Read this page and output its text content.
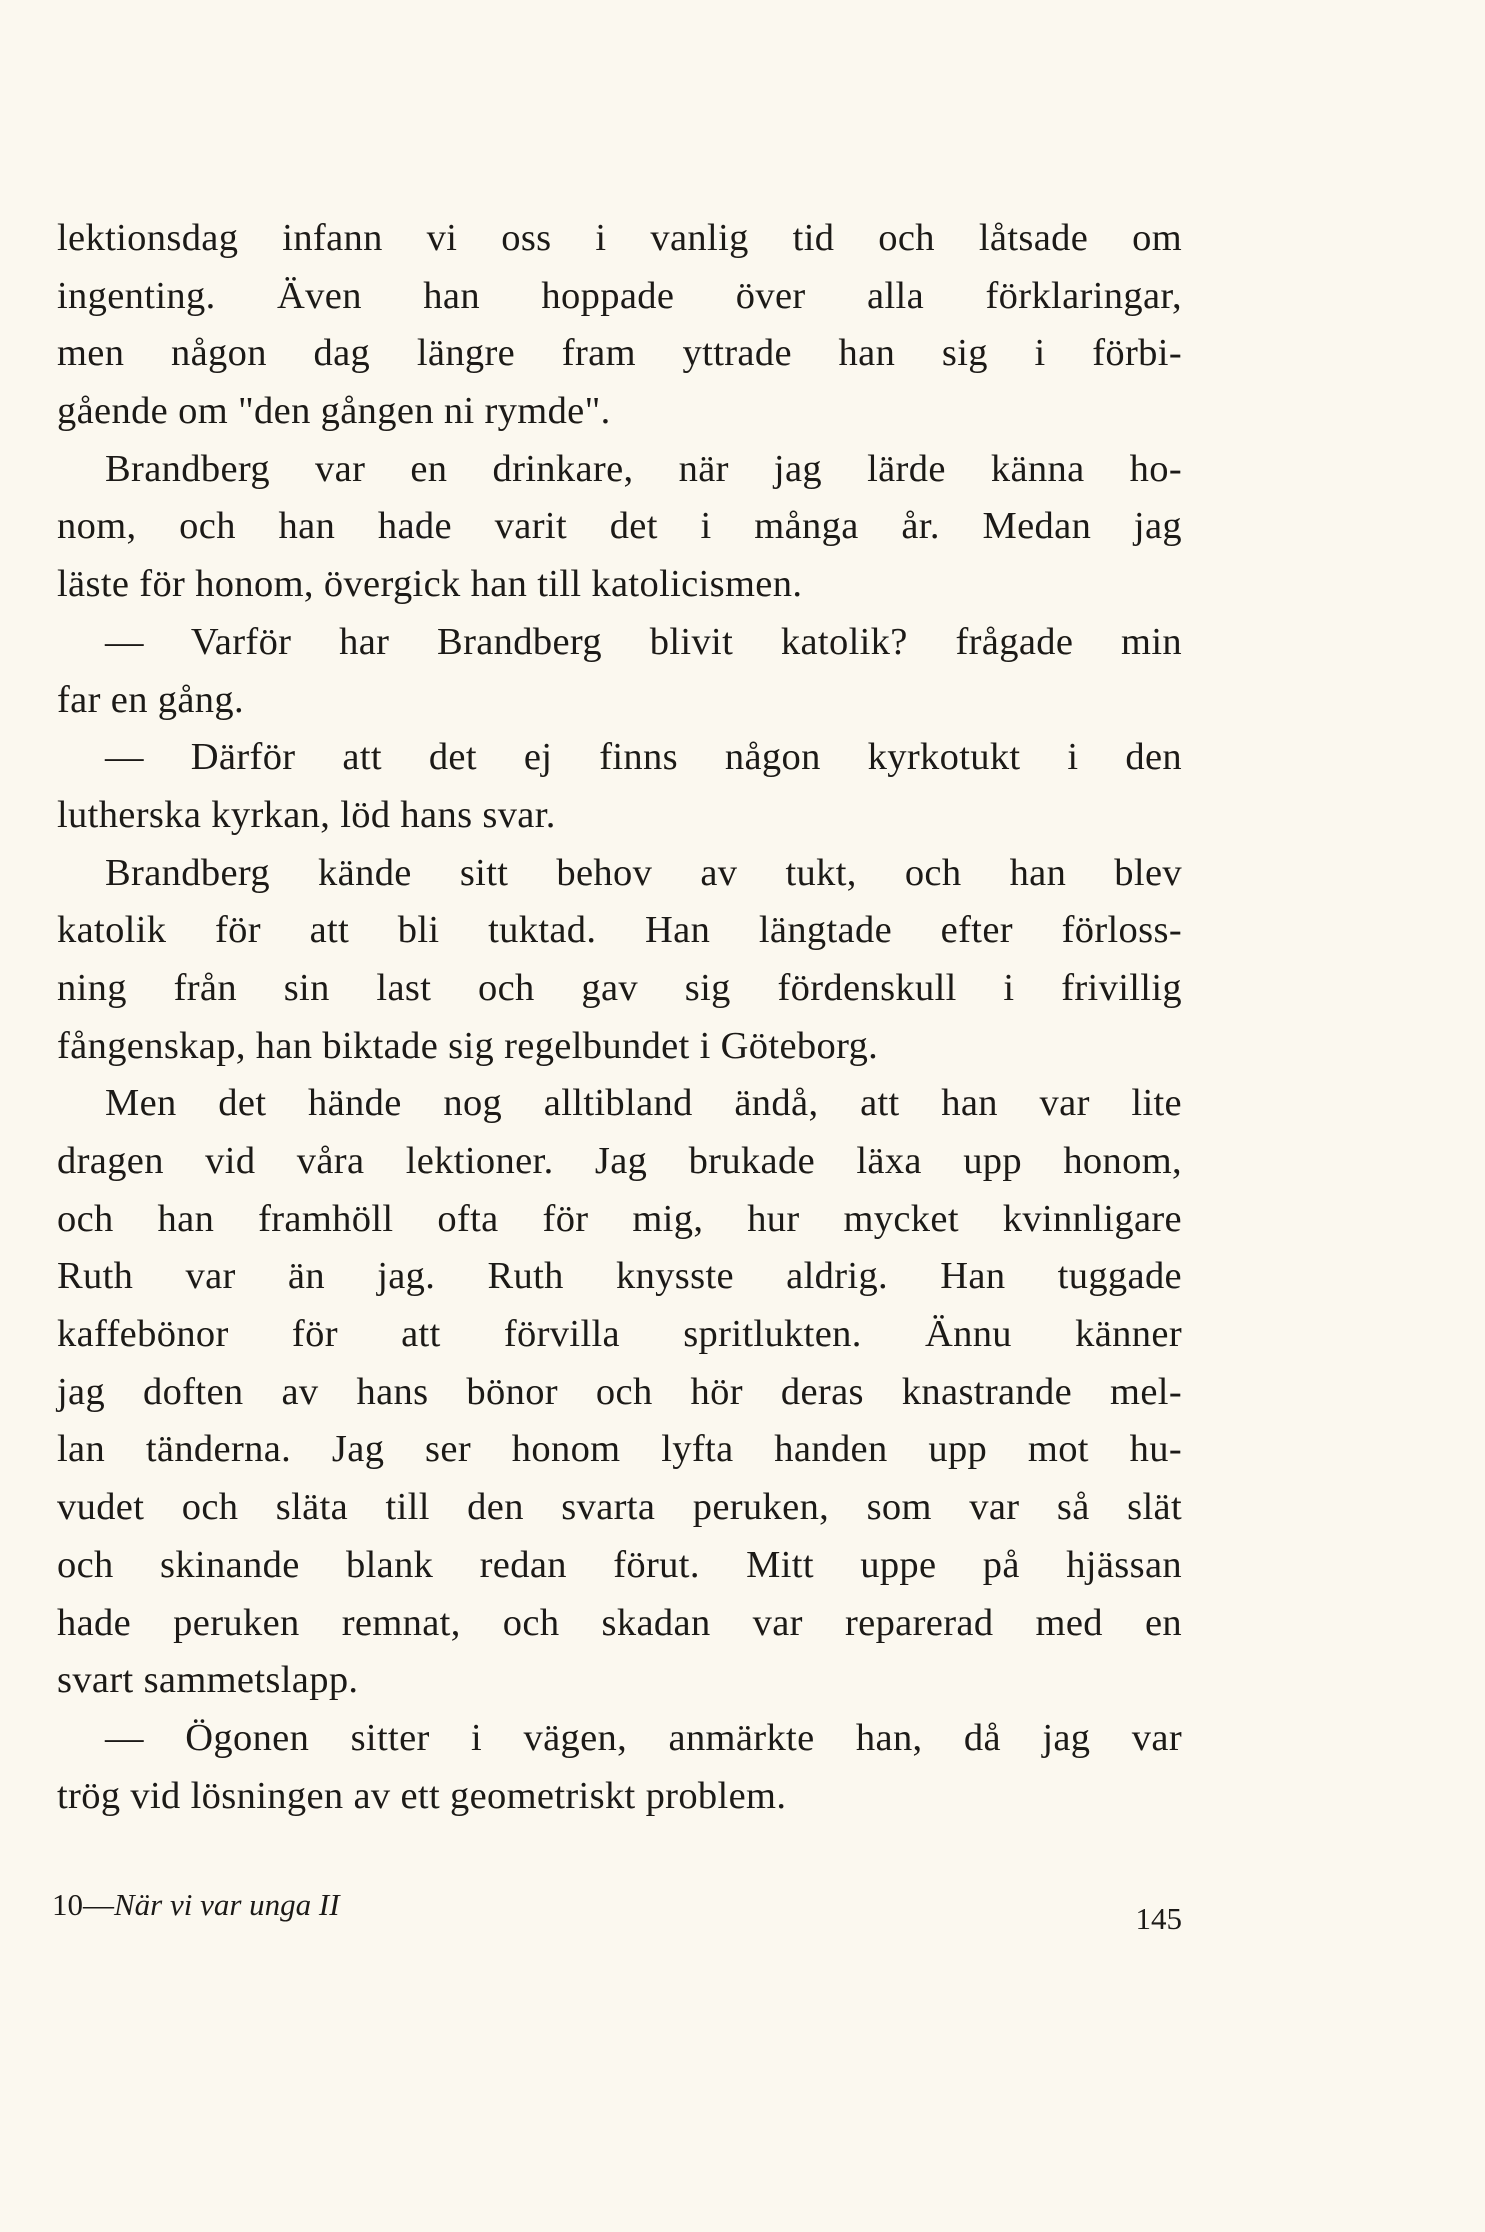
lektionsdag infann vi oss i vanlig tid och låtsade om
ingenting. Även han hoppade över alla förklaringar,
men någon dag längre fram yttrade han sig i förbi-
gående om "den gången ni rymde".
Brandberg var en drinkare, när jag lärde känna ho-
nom, och han hade varit det i många år. Medan jag
läste för honom, övergick han till katolicismen.
— Varför har Brandberg blivit katolik? frågade min
far en gång.
— Därför att det ej finns någon kyrkotukt i den
lutherska kyrkan, löd hans svar.
Brandberg kände sitt behov av tukt, och han blev
katolik för att bli tuktad. Han längtade efter förloss-
ning från sin last och gav sig fördenskull i frivillig
fångenskap, han biktade sig regelbundet i Göteborg.
Men det hände nog alltibland ändå, att han var lite
dragen vid våra lektioner. Jag brukade läxa upp honom,
och han framhöll ofta för mig, hur mycket kvinnligare
Ruth var än jag. Ruth knysste aldrig. Han tuggade
kaffebönor för att förvilla spritlukten. Ännu känner
jag doften av hans bönor och hör deras knastrande mel-
lan tänderna. Jag ser honom lyfta handen upp mot hu-
vudet och släta till den svarta peruken, som var så slät
och skinande blank redan förut. Mitt uppe på hjässan
hade peruken remnat, och skadan var reparerad med en
svart sammetslapp.
— Ögonen sitter i vägen, anmärkte han, då jag var
trög vid lösningen av ett geometriskt problem.
10—När vi var unga II	145
